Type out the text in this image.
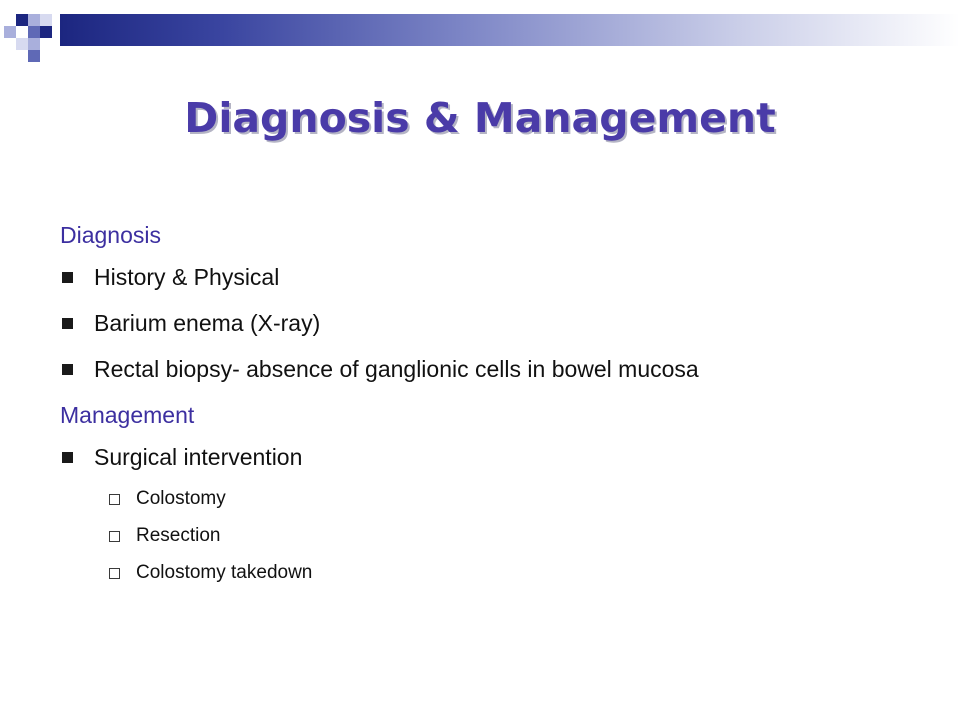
Diagnosis & Management
Diagnosis
History & Physical
Barium enema (X-ray)
Rectal biopsy- absence of ganglionic cells in bowel mucosa
Management
Surgical intervention
Colostomy
Resection
Colostomy takedown
